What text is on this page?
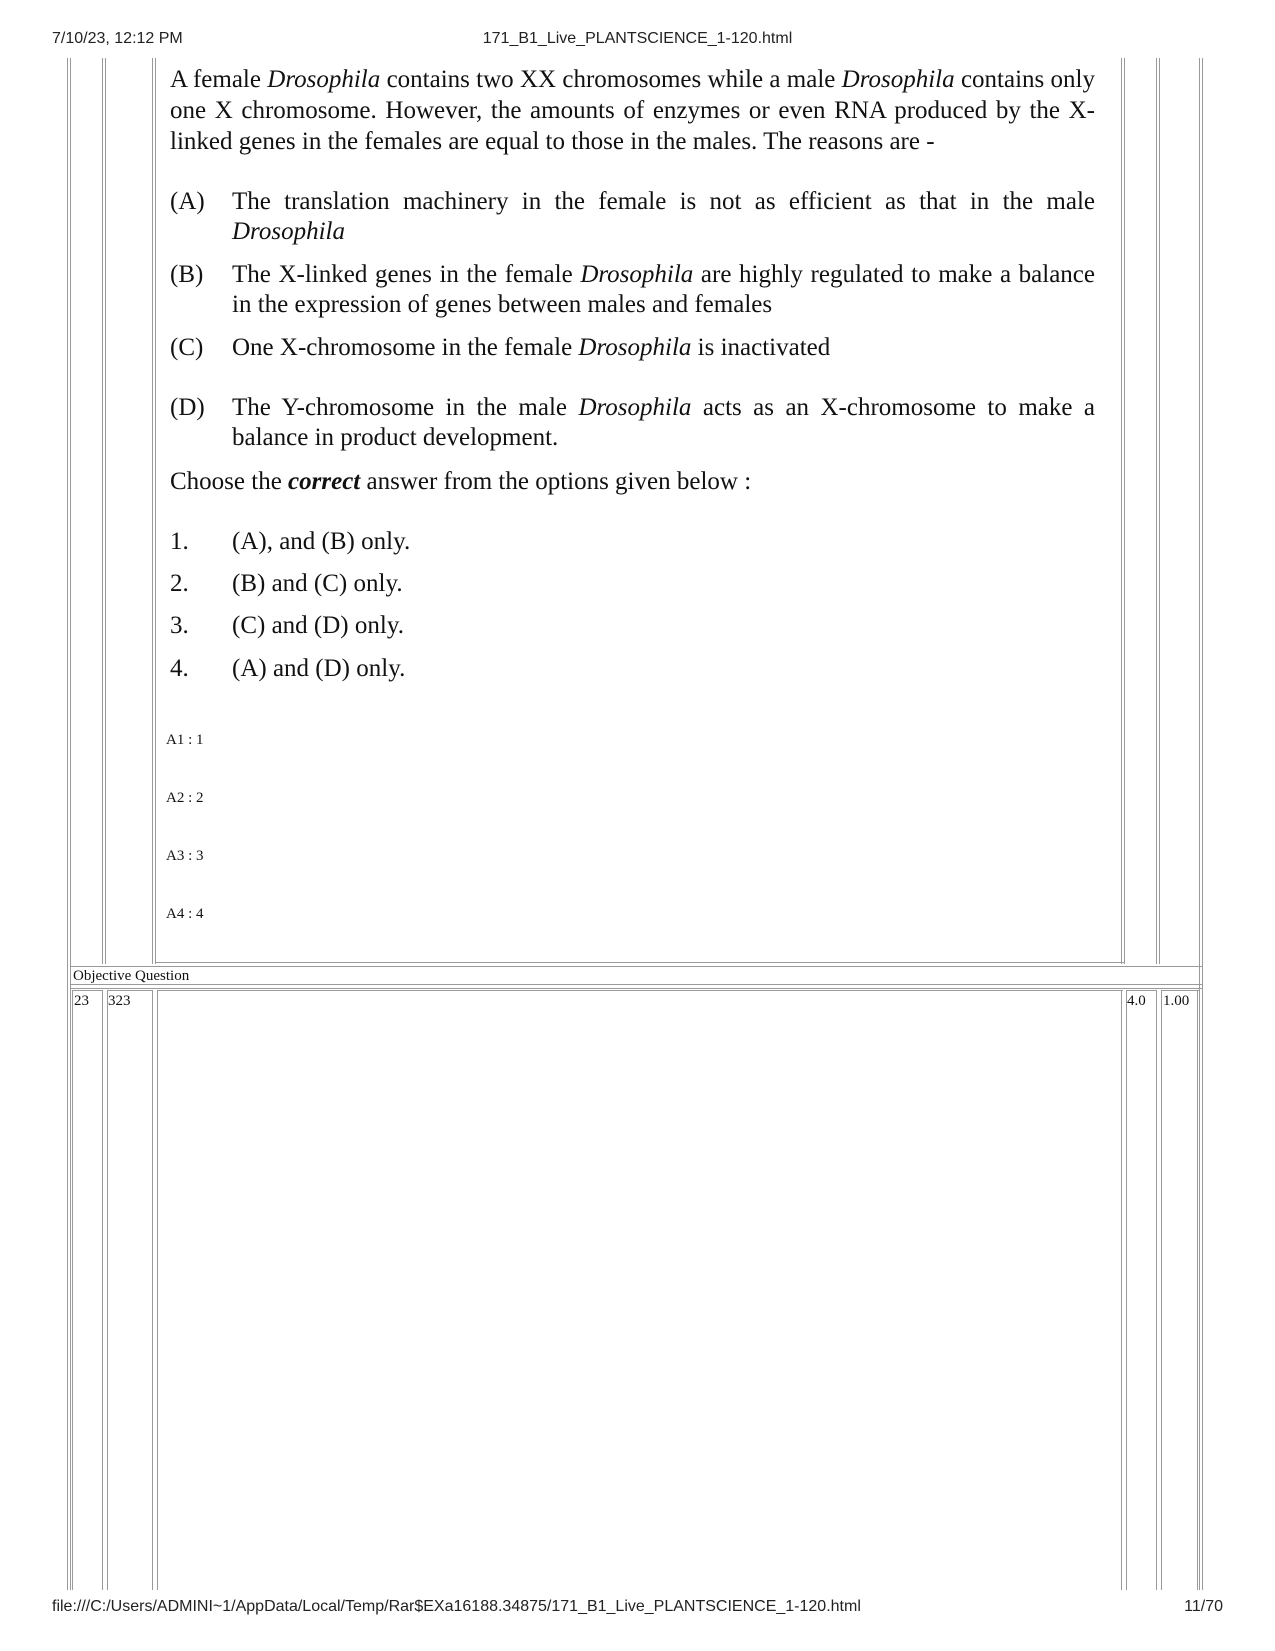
7/10/23, 12:12 PM	171_B1_Live_PLANTSCIENCE_1-120.html

A female Drosophila contains two XX chromosomes while a male Drosophila contains only one X chromosome. However, the amounts of enzymes or even RNA produced by the X-linked genes in the females are equal to those in the males. The reasons are -

(A) The translation machinery in the female is not as efficient as that in the male Drosophila
(B) The X-linked genes in the female Drosophila are highly regulated to make a balance in the expression of genes between males and females
(C) One X-chromosome in the female Drosophila is inactivated
(D) The Y-chromosome in the male Drosophila acts as an X-chromosome to make a balance in product development.
Choose the correct answer from the options given below :
1. (A), and (B) only.
2. (B) and (C) only.
3. (C) and (D) only.
4. (A) and (D) only.
A1 : 1
A2 : 2
A3 : 3
A4 : 4
Objective Question
23 323	4.0 1.00
file:///C:/Users/ADMINI~1/AppData/Local/Temp/Rar$EXa16188.34875/171_B1_Live_PLANTSCIENCE_1-120.html	11/70
